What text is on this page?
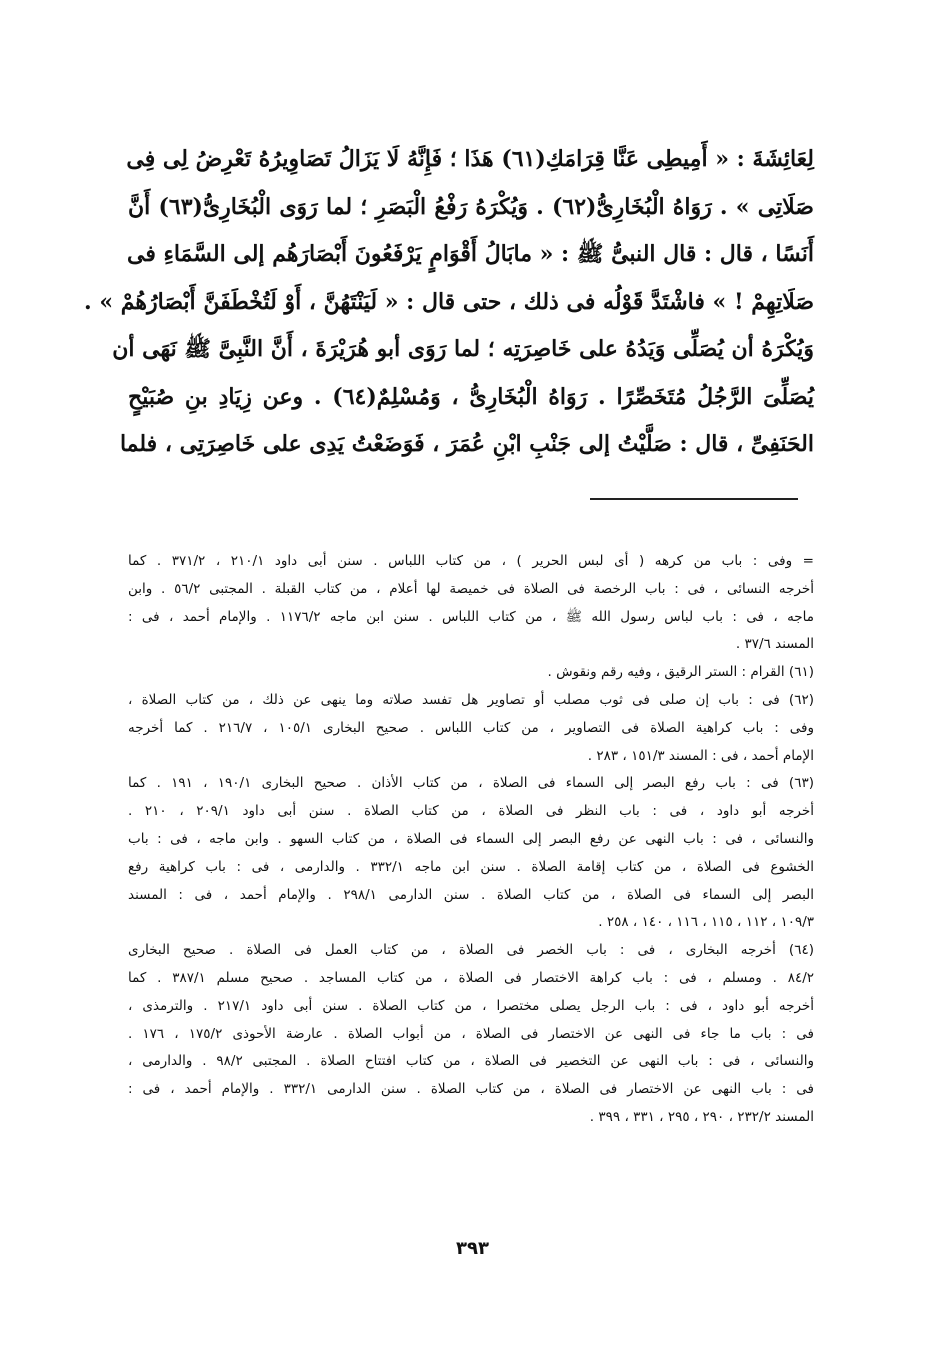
لِعَائِشَةَ : « أَمِيطِى عَنَّا قِرَامَكِ(٦١) هَذَا ؛ فَإِنَّهُ لَا يَزَالُ تَصَاوِيرُهُ تَعْرِضُ لِى فِى
صَلَاتِى » . رَوَاهُ الْبُخَارِىُّ(٦٢) . وَيُكْرَهُ رَفْعُ الْبَصَرِ ؛ لما رَوَى الْبُخَارِىُّ(٦٣) أَنَّ
أَنَسًا ، قال : قال النبىُّ ﷺ : « مابَالُ أَقْوَامٍ يَرْفَعُونَ أَبْصَارَهُم إلى السَّمَاءِ فى
صَلَاتِهِمْ ! » فاشْتَدَّ قَوْلُه فى ذلك ، حتى قال : « لَيَنْتَهُنَّ ، أَوْ لَتُخْطَفَنَّ أَبْصَارُهُمْ » .
وَيُكْرَهُ أن يُصَلِّى وَيَدُهُ على خَاصِرَتِه ؛ لما رَوَى أبو هُرَيْرَةَ ، أَنَّ النَّبِىَّ ﷺ نَهَى أن
يُصَلِّىَ الرَّجُلُ مُتَخَصِّرًا . رَوَاهُ الْبُخَارِىُّ ، وَمُسْلِمٌ(٦٤) . وعن زِيَادِ بنِ صُبَيْحٍ
الحَنَفِىِّ ، قال : صَلَّيْتُ إلى جَنْبِ ابْنِ عُمَرَ ، فَوَضَعْتُ يَدِى على خَاصِرَتِى ، فلما
= وفى : باب من كرهه ( أى لبس الحرير ) ، من كتاب اللباس . سنن أبى داود ٢١٠/١ ، ٣٧١/٢ . كما
أخرجه النسائى ، فى : باب الرخصة فى الصلاة فى خميصة لها أعلام ، من كتاب القبلة . المجتبى ٥٦/٢ . وابن
ماجه ، فى : باب لباس رسول الله ﷺ ، من كتاب اللباس . سنن ابن ماجه ١١٧٦/٢ . والإمام أحمد ، فى :
المسند ٣٧/٦ .
(٦١) القرام : الستر الرقيق ، وفيه رقم ونقوش .
(٦٢) فى : باب إن صلى فى ثوب مصلب أو تصاوير هل تفسد صلاته وما ينهى عن ذلك ، من كتاب الصلاة ،
وفى : باب كراهية الصلاة فى التصاوير ، من كتاب اللباس . صحيح البخارى ١٠٥/١ ، ٢١٦/٧ . كما أخرجه
الإمام أحمد ، فى : المسند ١٥١/٣ ، ٢٨٣ .
(٦٣) فى : باب رفع البصر إلى السماء فى الصلاة ، من كتاب الأذان . صحيح البخارى ١٩٠/١ ، ١٩١ . كما
أخرجه أبو داود ، فى : باب النظر فى الصلاة ، من كتاب الصلاة . سنن أبى داود ٢٠٩/١ ، ٢١٠ .
والنسائى ، فى : باب النهى عن رفع البصر إلى السماء فى الصلاة ، من كتاب السهو . وابن ماجه ، فى : باب
الخشوع فى الصلاة ، من كتاب إقامة الصلاة . سنن ابن ماجه ٣٣٢/١ . والدارمى ، فى : باب كراهية رفع
البصر إلى السماء فى الصلاة ، من كتاب الصلاة . سنن الدارمى ٢٩٨/١ . والإمام أحمد ، فى : المسند
١٠٩/٣ ، ١١٢ ، ١١٥ ، ١١٦ ، ١٤٠ ، ٢٥٨ .
(٦٤) أخرجه البخارى ، فى : باب الخصر فى الصلاة ، من كتاب العمل فى الصلاة . صحيح البخارى
٨٤/٢ . ومسلم ، فى : باب كراهة الاختصار فى الصلاة ، من كتاب المساجد . صحيح مسلم ٣٨٧/١ . كما
أخرجه أبو داود ، فى : باب الرجل يصلى مختصرا ، من كتاب الصلاة . سنن أبى داود ٢١٧/١ . والترمذى ،
فى : باب ما جاء فى النهى عن الاختصار فى الصلاة ، من أبواب الصلاة . عارضة الأحوذى ١٧٥/٢ ، ١٧٦ .
والنسائى ، فى : باب النهى عن التخصير فى الصلاة ، من كتاب افتتاح الصلاة . المجتبى ٩٨/٢ . والدارمى ،
فى : باب النهى عن الاختصار فى الصلاة ، من كتاب الصلاة . سنن الدارمى ٣٣٢/١ . والإمام أحمد ، فى :
المسند ٢٣٢/٢ ، ٢٩٠ ، ٢٩٥ ، ٣٣١ ، ٣٩٩ .
٣٩٣
